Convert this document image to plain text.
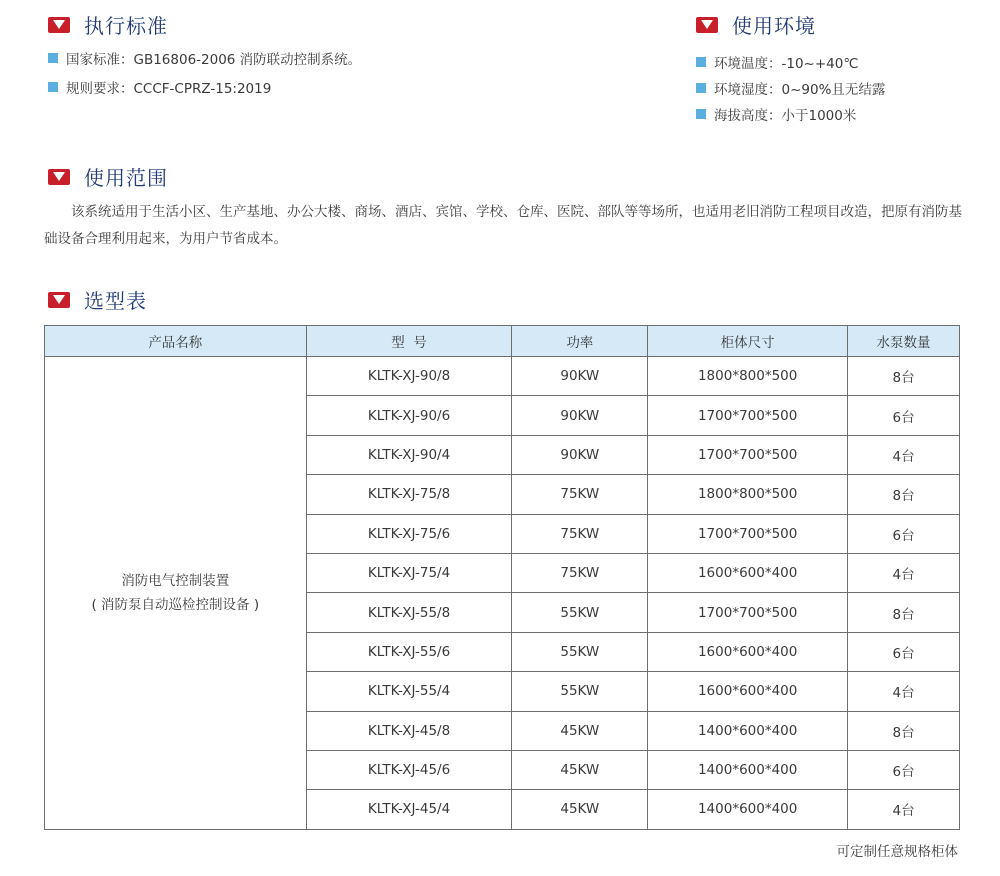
执行标准
国家标准：GB16806-2006 消防联动控制系统。
规则要求：CCCF-CPRZ-15:2019
使用环境
环境温度：-10~+40℃
环境湿度：0~90%且无结露
海拔高度：小于1000米
使用范围
该系统适用于生活小区、生产基地、办公大楼、商场、酒店、宾馆、学校、仓库、医院、部队等等场所，也适用老旧消防工程项目改造，把原有消防基础设备合理利用起来，为用户节省成本。
选型表
产品名称	型  号	功率	柜体尺寸	水泵数量

消防电气控制装置
( 消防泵自动巡检控制设备 )	KLTK-XJ-90/8	90KW	1800*800*500	8台
	KLTK-XJ-90/6	90KW	1700*700*500	6台
	KLTK-XJ-90/4	90KW	1700*700*500	4台
	KLTK-XJ-75/8	75KW	1800*800*500	8台
	KLTK-XJ-75/6	75KW	1700*700*500	6台
	KLTK-XJ-75/4	75KW	1600*600*400	4台
	KLTK-XJ-55/8	55KW	1700*700*500	8台
	KLTK-XJ-55/6	55KW	1600*600*400	6台
	KLTK-XJ-55/4	55KW	1600*600*400	4台
	KLTK-XJ-45/8	45KW	1400*600*400	8台
	KLTK-XJ-45/6	45KW	1400*600*400	6台
	KLTK-XJ-45/4	45KW	1400*600*400	4台
可定制任意规格柜体
